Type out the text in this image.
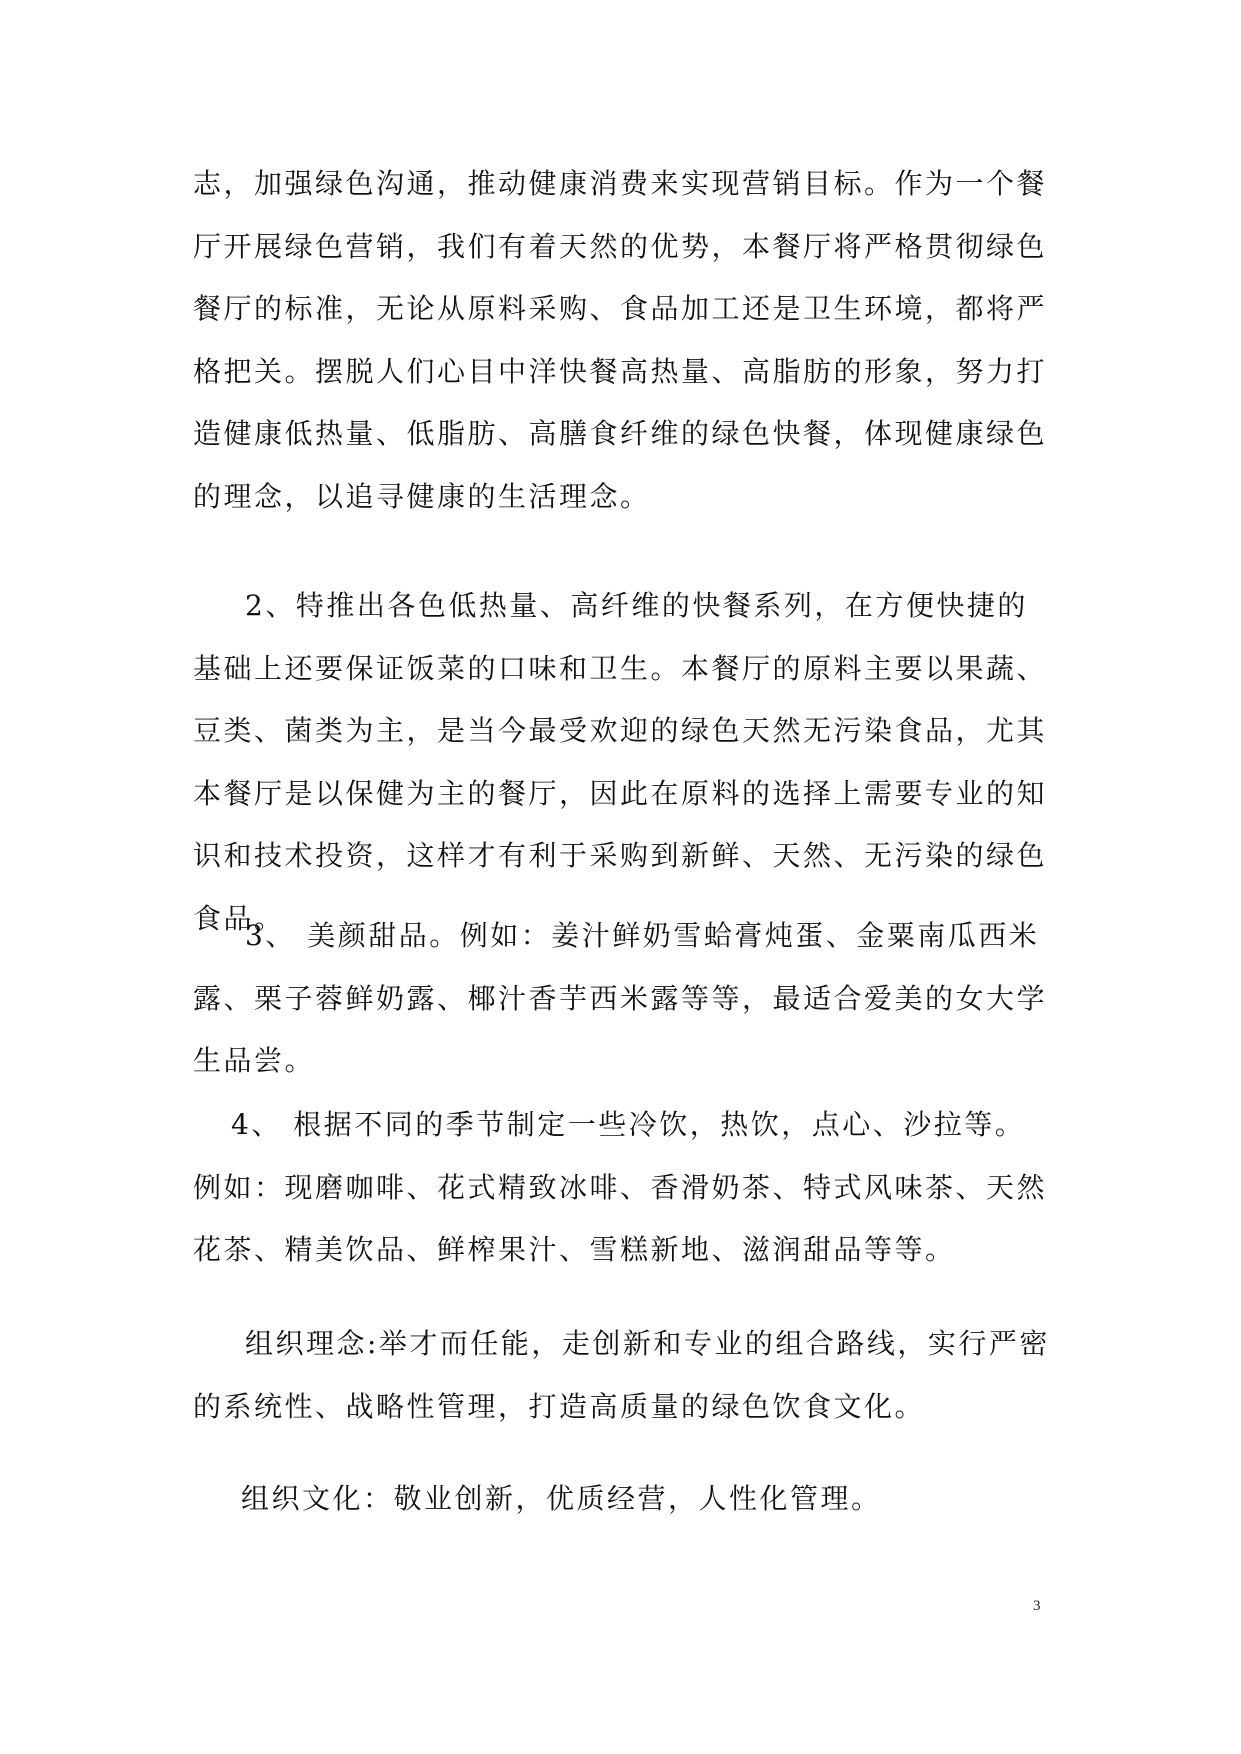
志，加强绿色沟通，推动健康消费来实现营销目标。作为一个餐厅开展绿色营销，我们有着天然的优势，本餐厅将严格贯彻绿色餐厅的标准，无论从原料采购、食品加工还是卫生环境，都将严格把关。摆脱人们心目中洋快餐高热量、高脂肪的形象，努力打造健康低热量、低脂肪、高膳食纤维的绿色快餐，体现健康绿色的理念，以追寻健康的生活理念。

2、特推出各色低热量、高纤维的快餐系列，在方便快捷的基础上还要保证饭菜的口味和卫生。本餐厅的原料主要以果蔬、豆类、菌类为主，是当今最受欢迎的绿色天然无污染食品，尤其本餐厅是以保健为主的餐厅，因此在原料的选择上需要专业的知识和技术投资，这样才有利于采购到新鲜、天然、无污染的绿色食品。

3、 美颜甜品。例如：姜汁鲜奶雪蛤膏炖蛋、金粟南瓜西米露、栗子蓉鲜奶露、椰汁香芋西米露等等，最适合爱美的女大学生品尝。

4、 根据不同的季节制定一些冷饮，热饮，点心、沙拉等。例如：现磨咖啡、花式精致冰啡、香滑奶茶、特式风味茶、天然花茶、精美饮品、鲜榨果汁、雪糕新地、滋润甜品等等。

组织理念:举才而任能，走创新和专业的组合路线，实行严密的系统性、战略性管理，打造高质量的绿色饮食文化。

组织文化：敬业创新，优质经营，人性化管理。

3
